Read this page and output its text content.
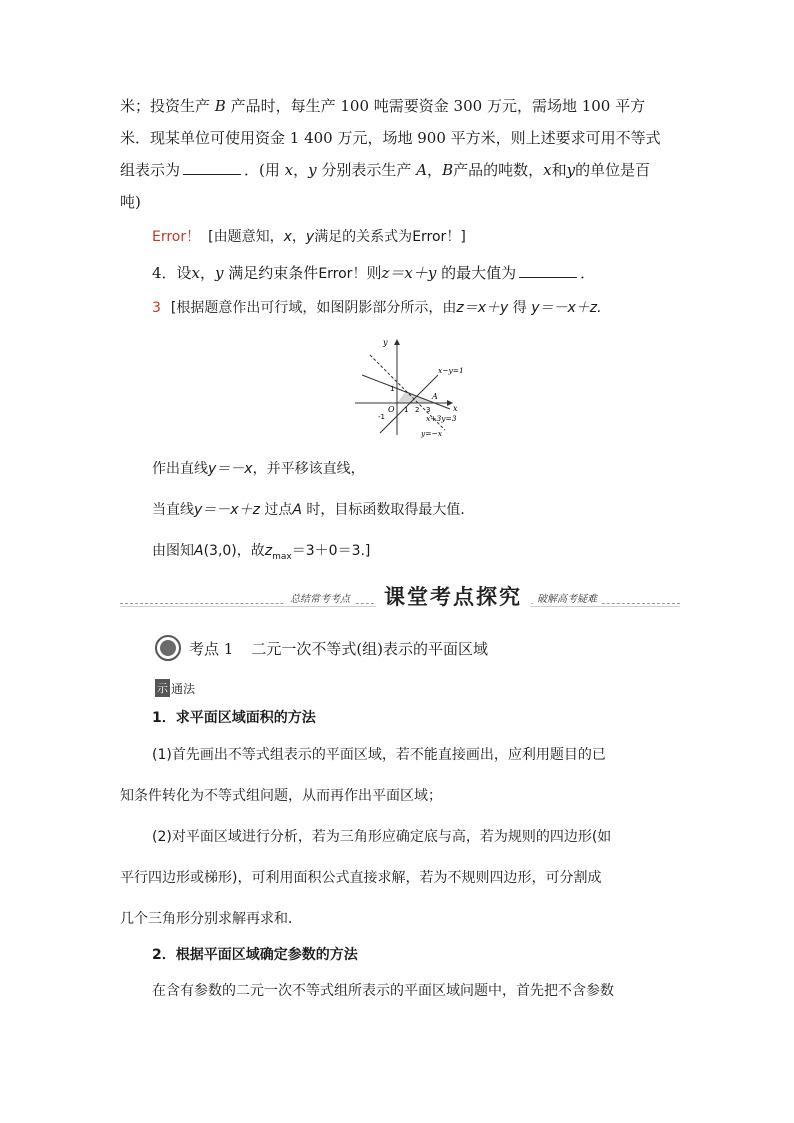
米；投资生产 B 产品时，每生产 100 吨需要资金 300 万元，需场地 100 平方
米．现某单位可使用资金 1 400 万元，场地 900 平方米，则上述要求可用不等式
组表示为	．(用 x，y 分别表示生产 A，B产品的吨数，x和y的单位是百
吨)
Error！ [由题意知，x，y满足的关系式为Error！]
4．设x，y 满足约束条件Error！则z＝x＋y 的最大值为	．
3 [根据题意作出可行域，如图阴影部分所示，由z＝x＋y 得 y＝－x＋z.
y
x
O
A
1 2 3
1
-1
x−y=1
x+3y=3
y=−x
作出直线y＝－x，并平移该直线，
当直线y＝－x＋z 过点A 时，目标函数取得最大值．
由图知A(3,0)，故$z_{max}=3+0=3$.]
总结常考考点	课堂考点探究	破解高考疑难
考点 1 二元一次不等式(组)表示的平面区域
示 通法
1．求平面区域面积的方法
(1)首先画出不等式组表示的平面区域，若不能直接画出，应利用题目的已
知条件转化为不等式组问题，从而再作出平面区域；
(2)对平面区域进行分析，若为三角形应确定底与高，若为规则的四边形(如
平行四边形或梯形)，可利用面积公式直接求解，若为不规则四边形，可分割成
几个三角形分别求解再求和．
2．根据平面区域确定参数的方法
在含有参数的二元一次不等式组所表示的平面区域问题中，首先把不含参数
